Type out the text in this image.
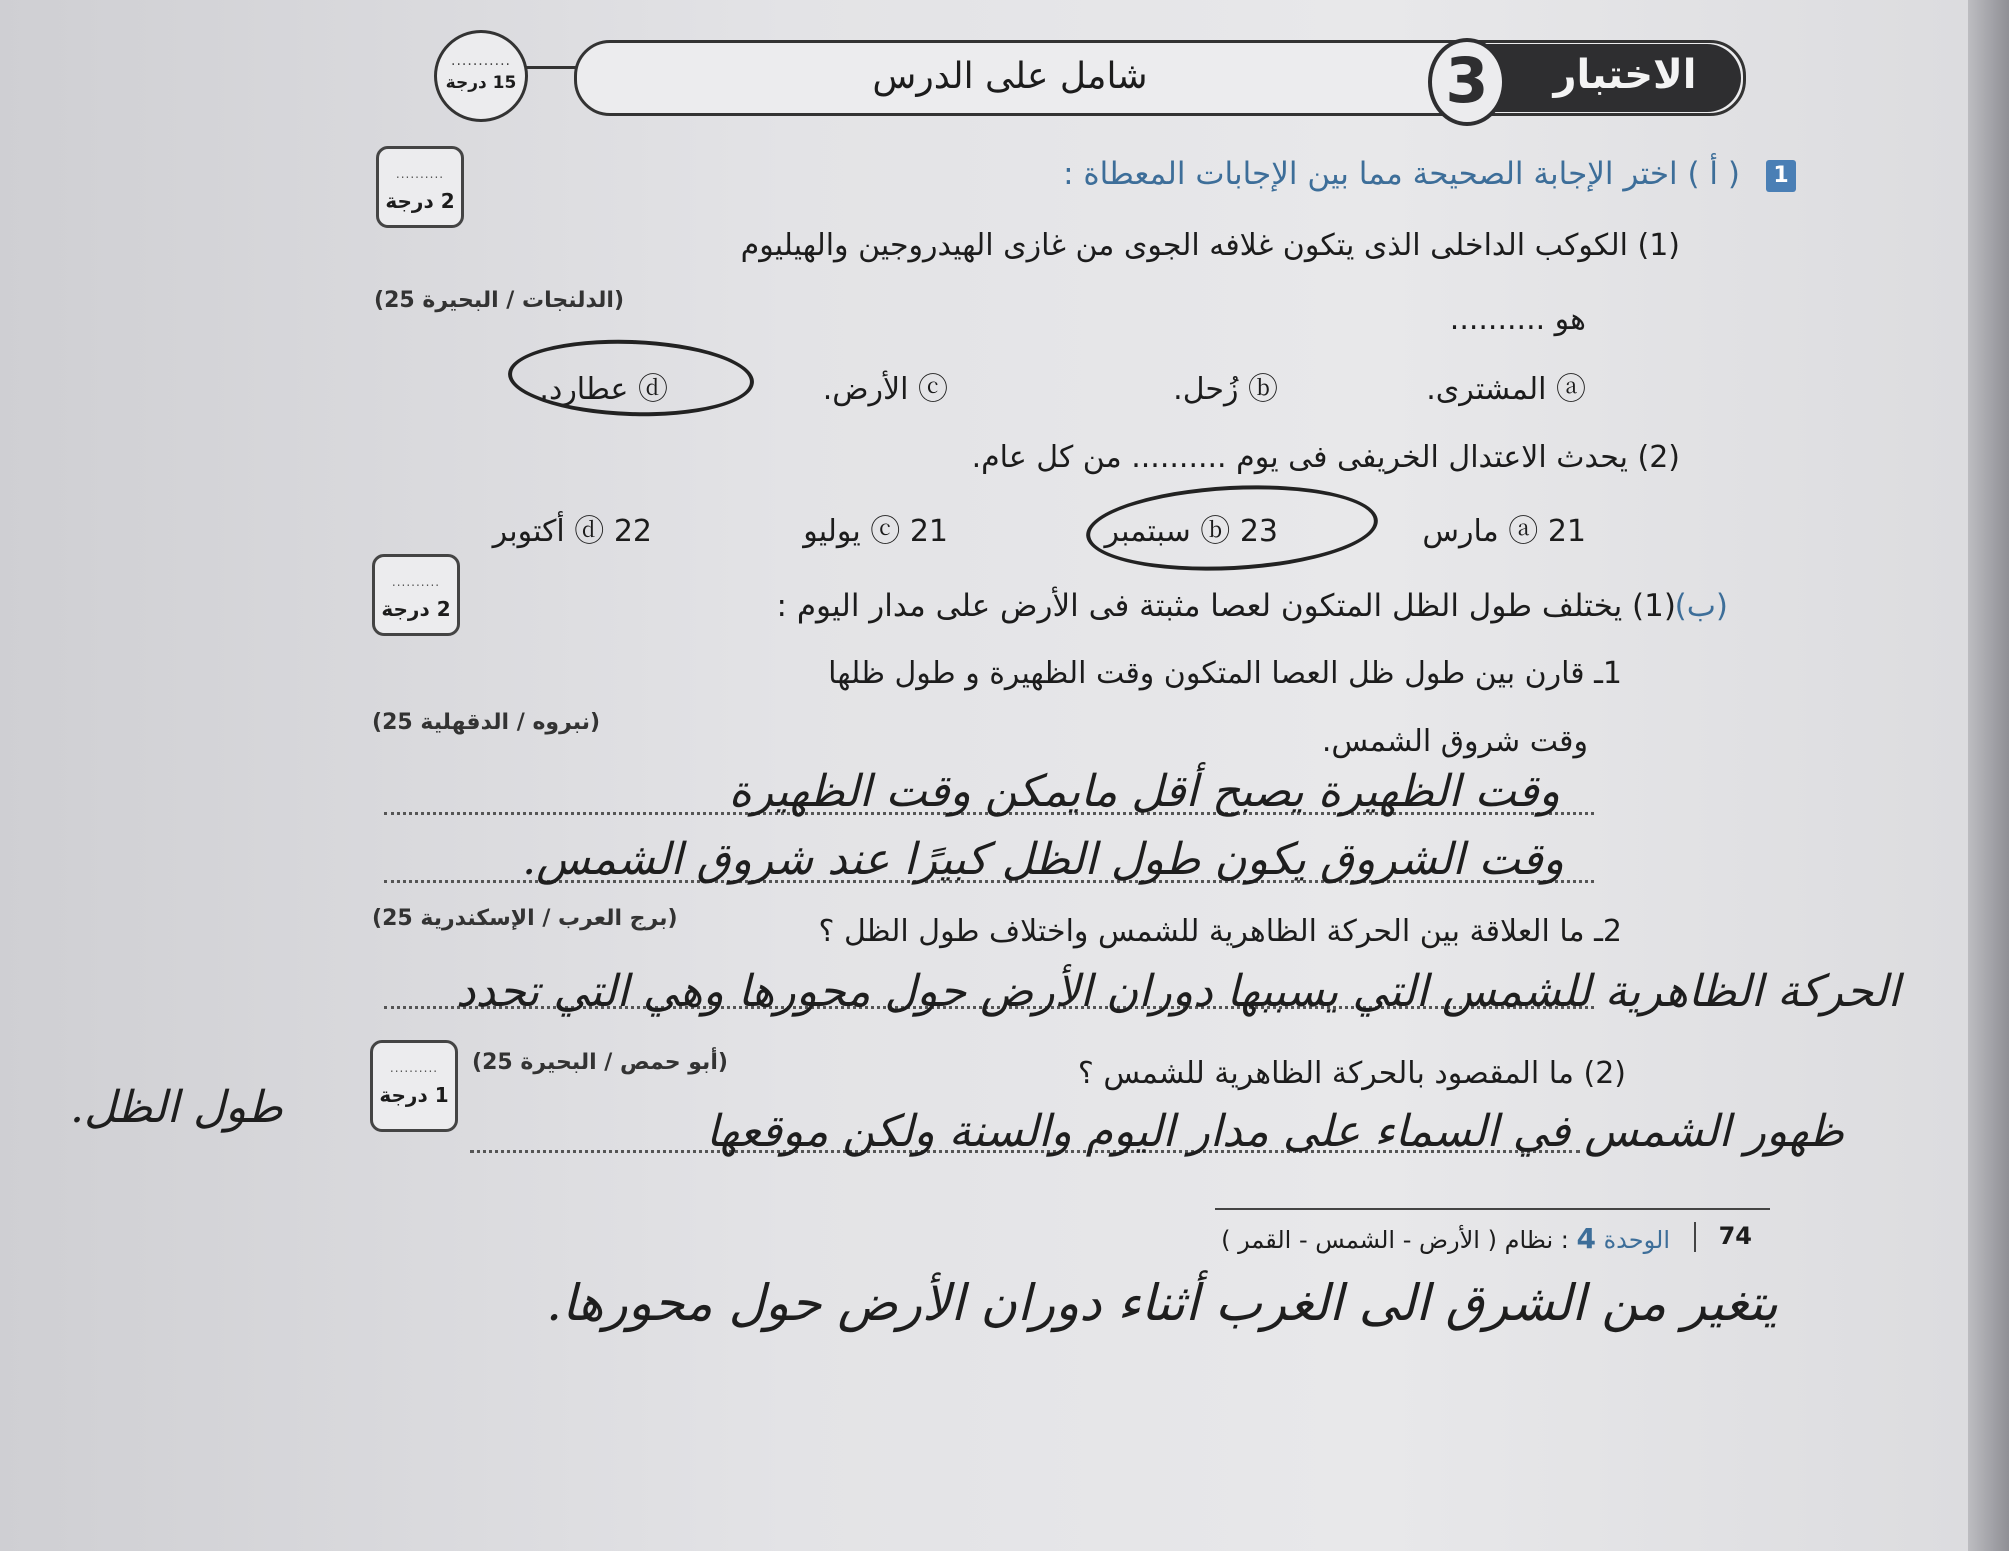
الاختبار
3
شامل على الدرس
...........
15 درجة
..........
2 درجة
1
( أ ) اختر الإجابة الصحيحة مما بين الإجابات المعطاة :
(1) الكوكب الداخلى الذى يتكون غلافه الجوى من غازى الهيدروجين والهيليوم
(الدلنجات / البحيرة 25)
هو ..........
ⓐ المشترى.
ⓑ زُحل.
ⓒ الأرض.
ⓓ عطارد.
(2) يحدث الاعتدال الخريفى فى يوم .......... من كل عام.
ⓐ 21 مارس
ⓑ 23 سبتمبر
ⓒ 21 يوليو
ⓓ 22 أكتوبر
..........
2 درجة	(ب)
(1) يختلف طول الظل المتكون لعصا مثبتة فى الأرض على مدار اليوم :
1ـ قارن بين طول ظل العصا المتكون وقت الظهيرة و طول ظلها
(نبروه / الدقهلية 25)
وقت شروق الشمس.
وقت الظهيرة يصبح أقل مايمكن وقت الظهيرة
وقت الشروق يكون طول الظل كبيرًا عند شروق الشمس.
2ـ ما العلاقة بين الحركة الظاهرية للشمس واختلاف طول الظل ؟
(برج العرب / الإسكندرية 25)
الحركة الظاهرية للشمس التي يسببها دوران الأرض حول محورها وهي التي تحدد
طول الظل.
..........
1 درجة
(أبو حمص / البحيرة 25)	(2) ما المقصود بالحركة الظاهرية للشمس ؟
ظهور الشمس في السماء على مدار اليوم والسنة ولكن موقعها
74
الوحدة 4 : نظام ( الأرض - الشمس - القمر )
يتغير من الشرق الى الغرب أثناء دوران الأرض حول محورها.
